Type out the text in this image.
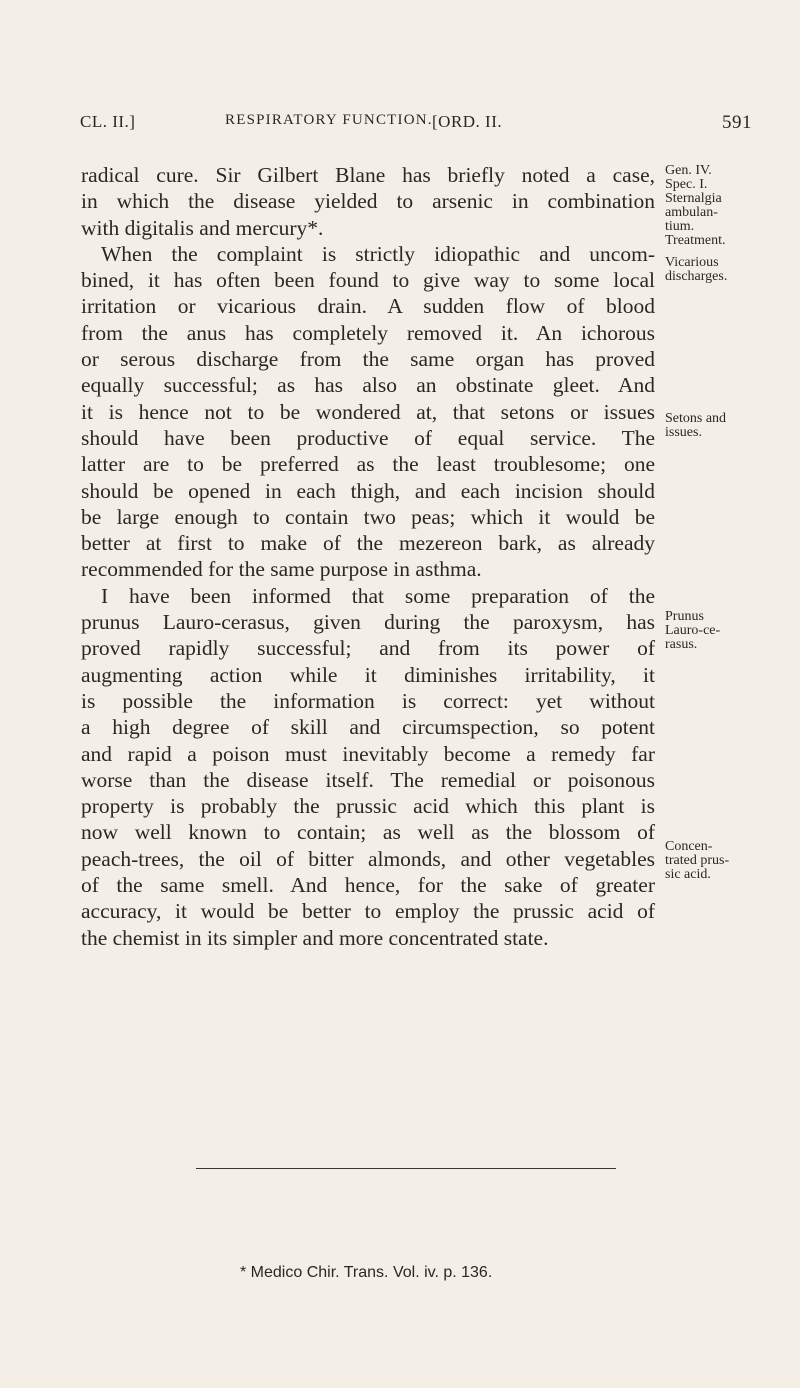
CL. II.]	RESPIRATORY FUNCTION. [ORD. II.	591
radical cure. Sir Gilbert Blane has briefly noted a case,
in which the disease yielded to arsenic in combination
with digitalis and mercury*.
When the complaint is strictly idiopathic and uncom-
bined, it has often been found to give way to some local
irritation or vicarious drain. A sudden flow of blood
from the anus has completely removed it. An ichorous
or serous discharge from the same organ has proved
equally successful; as has also an obstinate gleet. And
it is hence not to be wondered at, that setons or issues
should have been productive of equal service. The
latter are to be preferred as the least troublesome; one
should be opened in each thigh, and each incision should
be large enough to contain two peas; which it would be
better at first to make of the mezereon bark, as already
recommended for the same purpose in asthma.
I have been informed that some preparation of the
prunus Lauro-cerasus, given during the paroxysm, has
proved rapidly successful; and from its power of
augmenting action while it diminishes irritability, it
is possible the information is correct: yet without
a high degree of skill and circumspection, so potent
and rapid a poison must inevitably become a remedy far
worse than the disease itself. The remedial or poisonous
property is probably the prussic acid which this plant is
now well known to contain; as well as the blossom of
peach-trees, the oil of bitter almonds, and other vegetables
of the same smell. And hence, for the sake of greater
accuracy, it would be better to employ the prussic acid of
the chemist in its simpler and more concentrated state.
Gen. IV.
Spec. I.
Sternalgia
ambulan-
tium.
Treatment.
Vicarious
discharges.
Setons and
issues.
Prunus
Lauro-ce-
rasus.
Concen-
trated prus-
sic acid.
* Medico Chir. Trans. Vol. iv. p. 136.
